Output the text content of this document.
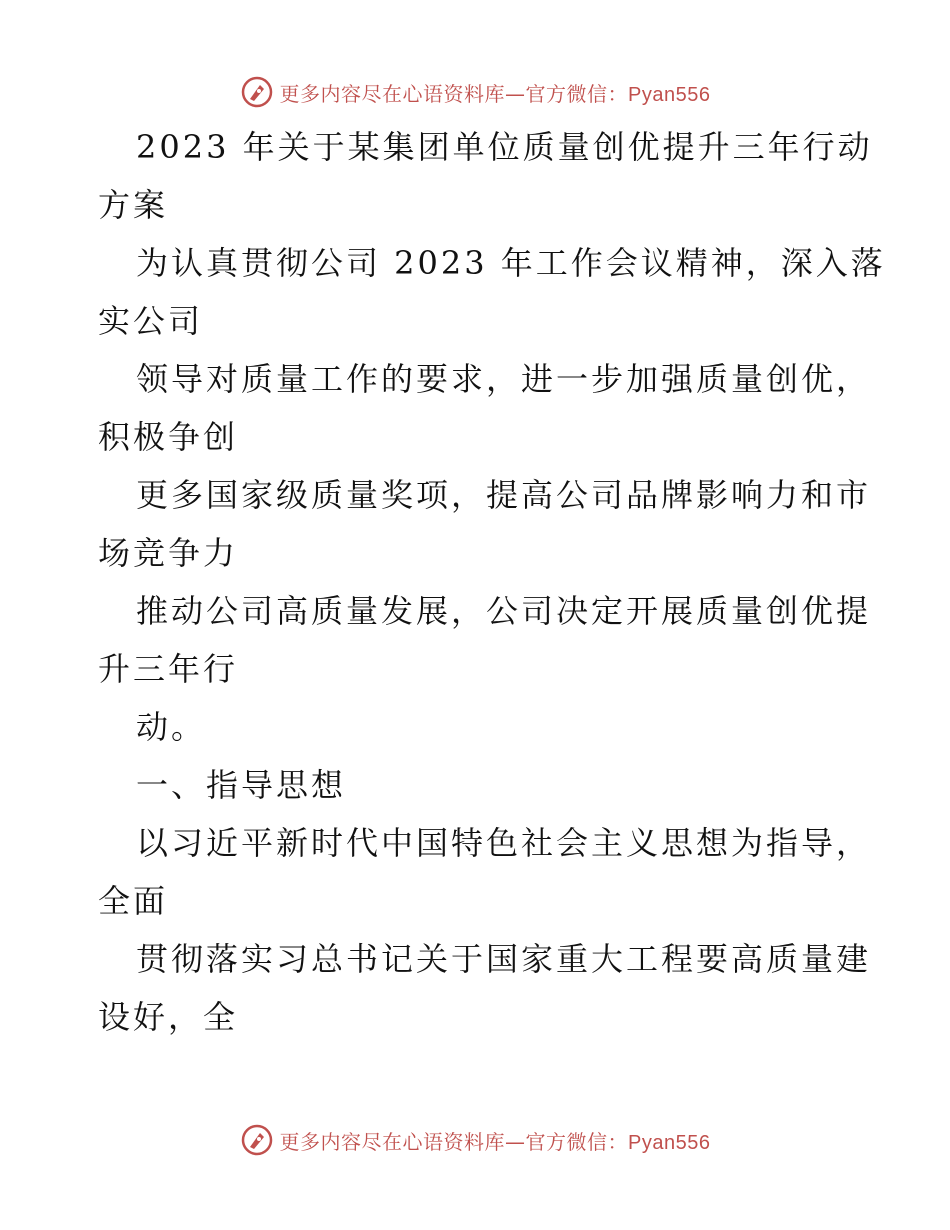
更多内容尽在心语资料库—官方微信：Pyan556
2023 年关于某集团单位质量创优提升三年行动
方案
为认真贯彻公司 2023 年工作会议精神，深入落
实公司
领导对质量工作的要求，进一步加强质量创优，
积极争创
更多国家级质量奖项，提高公司品牌影响力和市
场竞争力
推动公司高质量发展，公司决定开展质量创优提
升三年行
动。
一、指导思想
以习近平新时代中国特色社会主义思想为指导，
全面
贯彻落实习总书记关于国家重大工程要高质量建
设好，全
更多内容尽在心语资料库—官方微信：Pyan556
